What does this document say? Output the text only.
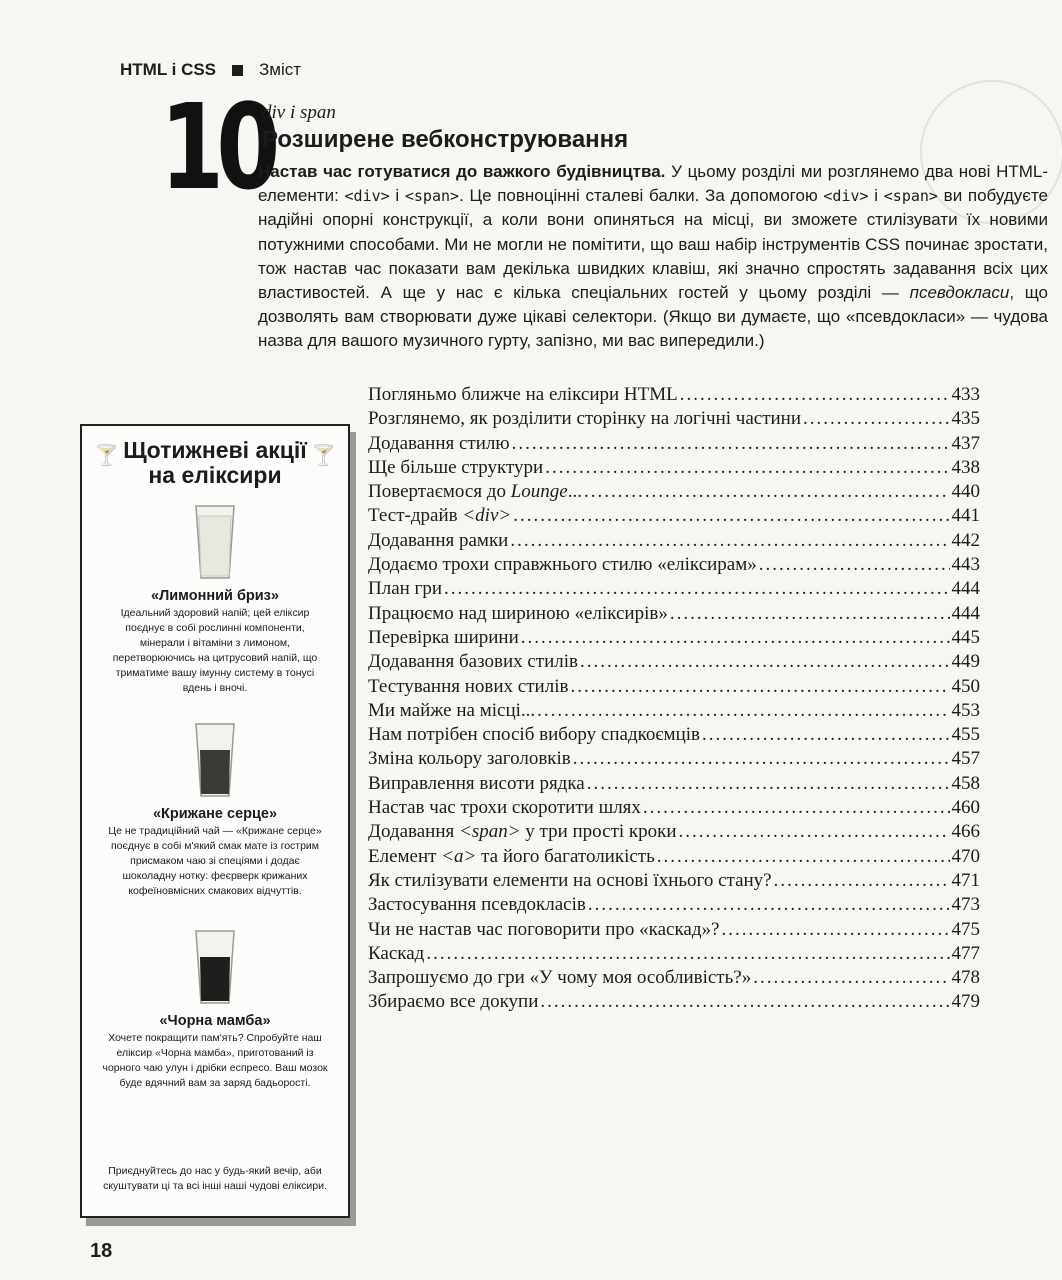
HTML і CSS	Зміст
10
div i span
Розширене вебконструювання
Настав час готуватися до важкого будівництва. У цьому розділі ми розглянемо два нові HTML-елементи: <div> і <span>. Це повноцінні сталеві балки. За допомогою <div> і <span> ви побудуєте надійні опорні конструкції, а коли вони опиняться на місці, ви зможете стилізувати їх новими потужними способами. Ми не могли не помітити, що ваш набір інструментів CSS починає зростати, тож настав час показати вам декілька швидких клавіш, які значно спростять задавання всіх цих властивостей. А ще у нас є кілька спеціальних гостей у цьому розділі — псевдокласи, що дозволять вам створювати дуже цікаві селектори. (Якщо ви думаєте, що «псевдокласи» — чудова назва для вашого музичного гурту, запізно, ми вас випередили.)
Погляньмо ближче на еліксири HTML .....	433
Розглянемо, як розділити сторінку на логічні частини .....	435
Додавання стилю .....	437
Ще більше структури .....	438
Повертаємося до Lounge... .....	440
Тест-драйв <div> .....	441
Додавання рамки .....	442
Додаємо трохи справжнього стилю «еліксирам» .....	443
План гри .....	444
Працюємо над шириною «еліксирів» .....	444
Перевірка ширини .....	445
Додавання базових стилів .....	449
Тестування нових стилів .....	450
Ми майже на місці... .....	453
Нам потрібен спосіб вибору спадкоємців .....	455
Зміна кольору заголовків .....	457
Виправлення висоти рядка .....	458
Настав час трохи скоротити шлях .....	460
Додавання <span> у три прості кроки .....	466
Елемент <a> та його багатоликість .....	470
Як стилізувати елементи на основі їхнього стану? .....	471
Застосування псевдокласів .....	473
Чи не настав час поговорити про «каскад»? .....	475
Каскад .....	477
Запрошуємо до гри «У чому моя особливість?» .....	478
Збираємо все докупи .....	479
🍸	🍸
Щотижневі акції
на еліксири
«Лимонний бриз»
Ідеальний здоровий напій; цей еліксир поєднує в собі рослинні компоненти, мінерали і вітаміни з лимоном, перетворюючись на цитрусовий напій, що триматиме вашу імунну систему в тонусі вдень і вночі.
«Крижане серце»
Це не традиційний чай — «Крижане серце» поєднує в собі м'який смак мате із гострим присмаком чаю зі спеціями і додає шоколадну нотку: феєрверк крижаних кофеїновмісних смакових відчуттів.
«Чорна мамба»
Хочете покращити пам'ять? Спробуйте наш еліксир «Чорна мамба», приготований із чорного чаю улун і дрібки еспресо. Ваш мозок буде вдячний вам за заряд бадьорості.
Приєднуйтесь до нас у будь-який вечір, аби скуштувати ці та всі інші наші чудові еліксири.
18
